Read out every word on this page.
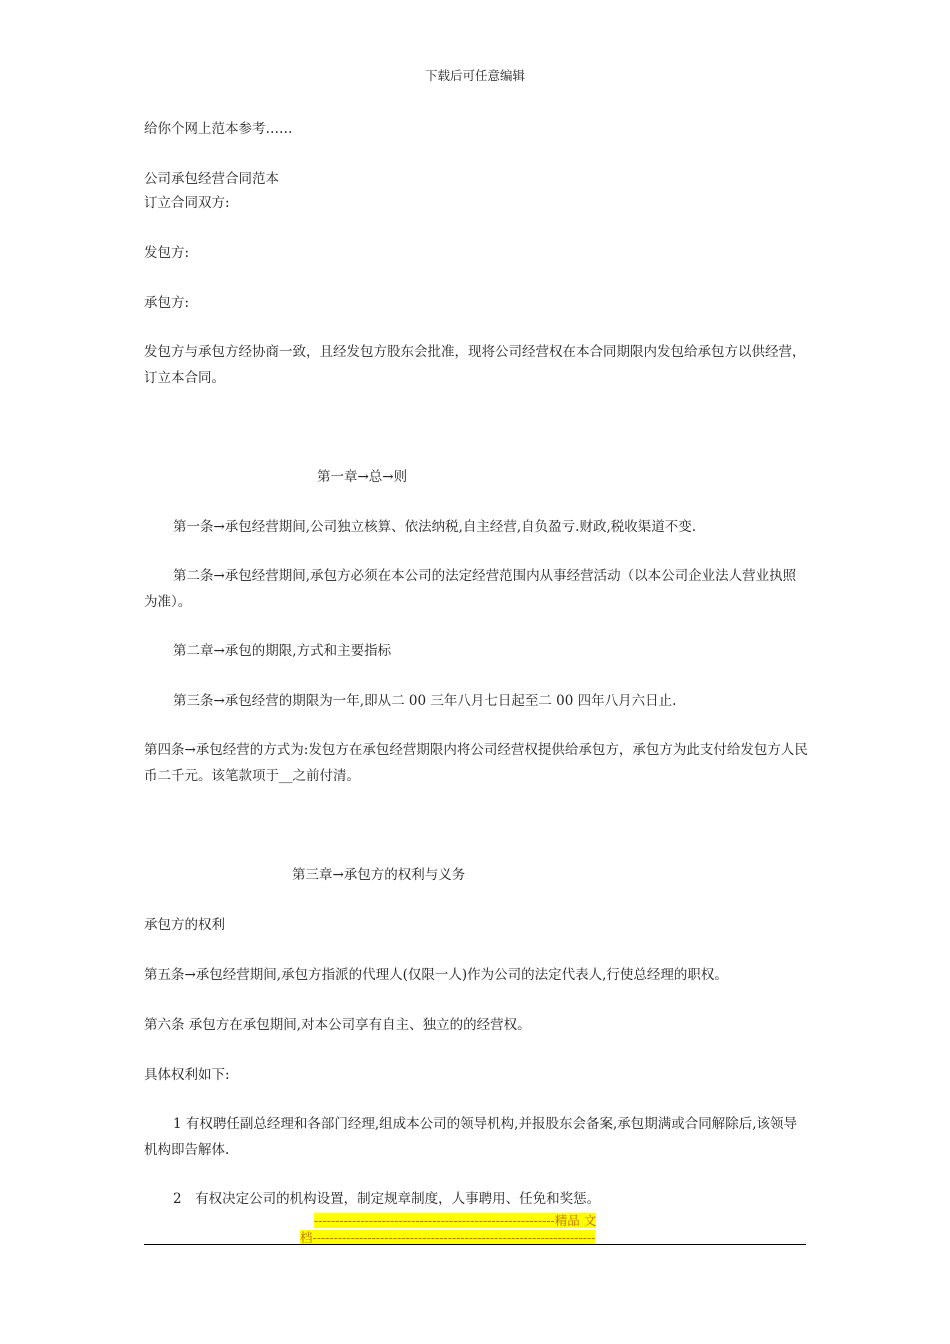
下载后可任意编辑
给你个网上范本参考……
公司承包经营合同范本
订立合同双方:
发包方:
承包方:
发包方与承包方经协商一致，且经发包方股东会批准，现将公司经营权在本合同期限内发包给承包方以供经营，订立本合同。
第一章→总→则
第一条→承包经营期间,公司独立核算、依法纳税,自主经营,自负盈亏.财政,税收渠道不变.
第二条→承包经营期间,承包方必须在本公司的法定经营范围内从事经营活动（以本公司企业法人营业执照为准）。
第二章→承包的期限,方式和主要指标
第三条→承包经营的期限为一年,即从二 00 三年八月七日起至二 00 四年八月六日止.
第四条→承包经营的方式为:发包方在承包经营期限内将公司经营权提供给承包方，承包方为此支付给发包方人民币二千元。该笔款项于__之前付清。
第三章→承包方的权利与义务
承包方的权利
第五条→承包经营期间,承包方指派的代理人(仅限一人)作为公司的法定代表人,行使总经理的职权。
第六条 承包方在承包期间,对本公司享有自主、独立的的经营权。
具体权利如下:
1 有权聘任副总经理和各部门经理,组成本公司的领导机构,并报股东会备案,承包期满或合同解除后,该领导机构即告解体.
2　有权决定公司的机构设置，制定规章制度，人事聘用、任免和奖惩。
---------------------------------------------------------精品 文
档-------------------------------------------------------------------
